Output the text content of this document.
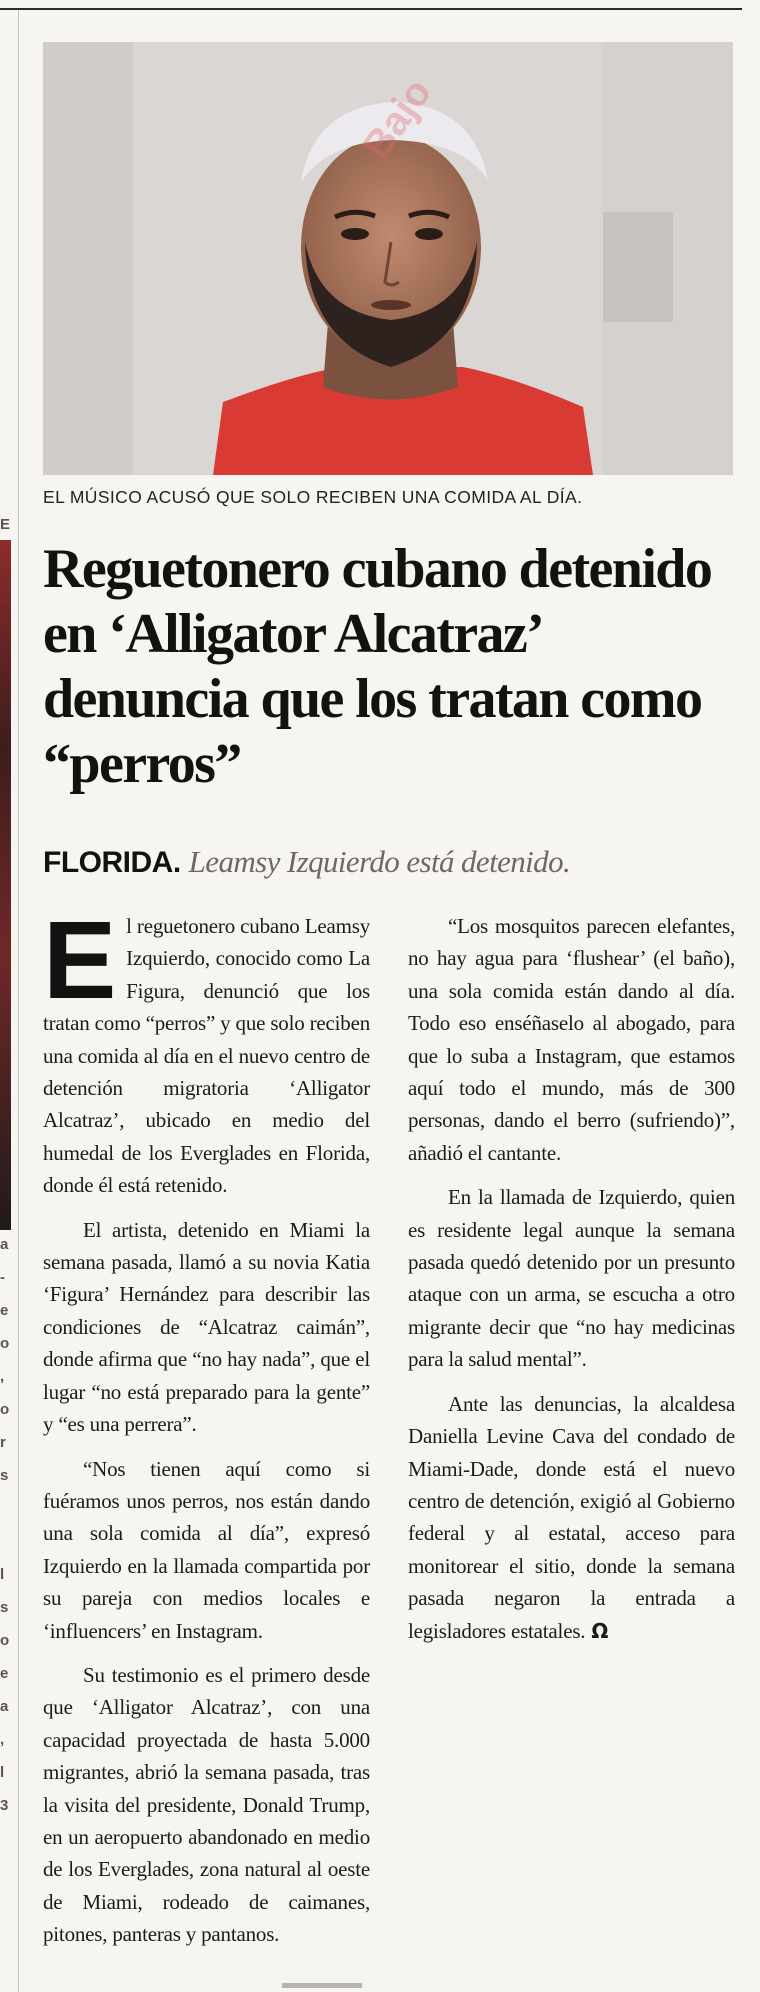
E
a
-
e
o
,
o
r
s
l
s
o
e
a
,
l
3
Bajo
EL MÚSICO ACUSÓ QUE SOLO RECIBEN UNA COMIDA AL DÍA.
Reguetonero cubano detenido en ‘Alligator Alcatraz’ denuncia que los tratan como “perros”
FLORIDA. Leamsy Izquierdo está detenido.

El reguetonero cubano Leamsy Izquierdo, conocido como La Figura, denunció que los tratan como “perros” y que solo reciben una comida al día en el nuevo centro de detención migratoria ‘Alligator Alcatraz’, ubicado en medio del humedal de los Everglades en Florida, donde él está retenido.

El artista, detenido en Miami la semana pasada, llamó a su novia Katia ‘Figura’ Hernández para describir las condiciones de “Alcatraz caimán”, donde afirma que “no hay nada”, que el lugar “no está preparado para la gente” y “es una perrera”.

“Nos tienen aquí como si fuéramos unos perros, nos están dando una sola comida al día”, expresó Izquierdo en la llamada compartida por su pareja con medios locales e ‘influencers’ en Instagram.

Su testimonio es el primero desde que ‘Alligator Alcatraz’, con una capacidad proyectada de hasta 5.000 migrantes, abrió la semana pasada, tras la visita del presidente, Donald Trump, en un aeropuerto abandonado en medio de los Everglades, zona natural al oeste de Miami, rodeado de caimanes, pitones, panteras y pantanos.

“Los mosquitos parecen elefantes, no hay agua para ‘flushear’ (el baño), una sola comida están dando al día. Todo eso enséñaselo al abogado, para que lo suba a Instagram, que estamos aquí todo el mundo, más de 300 personas, dando el berro (sufriendo)”, añadió el cantante.

En la llamada de Izquierdo, quien es residente legal aunque la semana pasada quedó detenido por un presunto ataque con un arma, se escucha a otro migrante decir que “no hay medicinas para la salud mental”.

Ante las denuncias, la alcaldesa Daniella Levine Cava del condado de Miami-Dade, donde está el nuevo centro de detención, exigió al Gobierno federal y al estatal, acceso para monitorear el sitio, donde la semana pasada negaron la entrada a legisladores estatales. Ω
